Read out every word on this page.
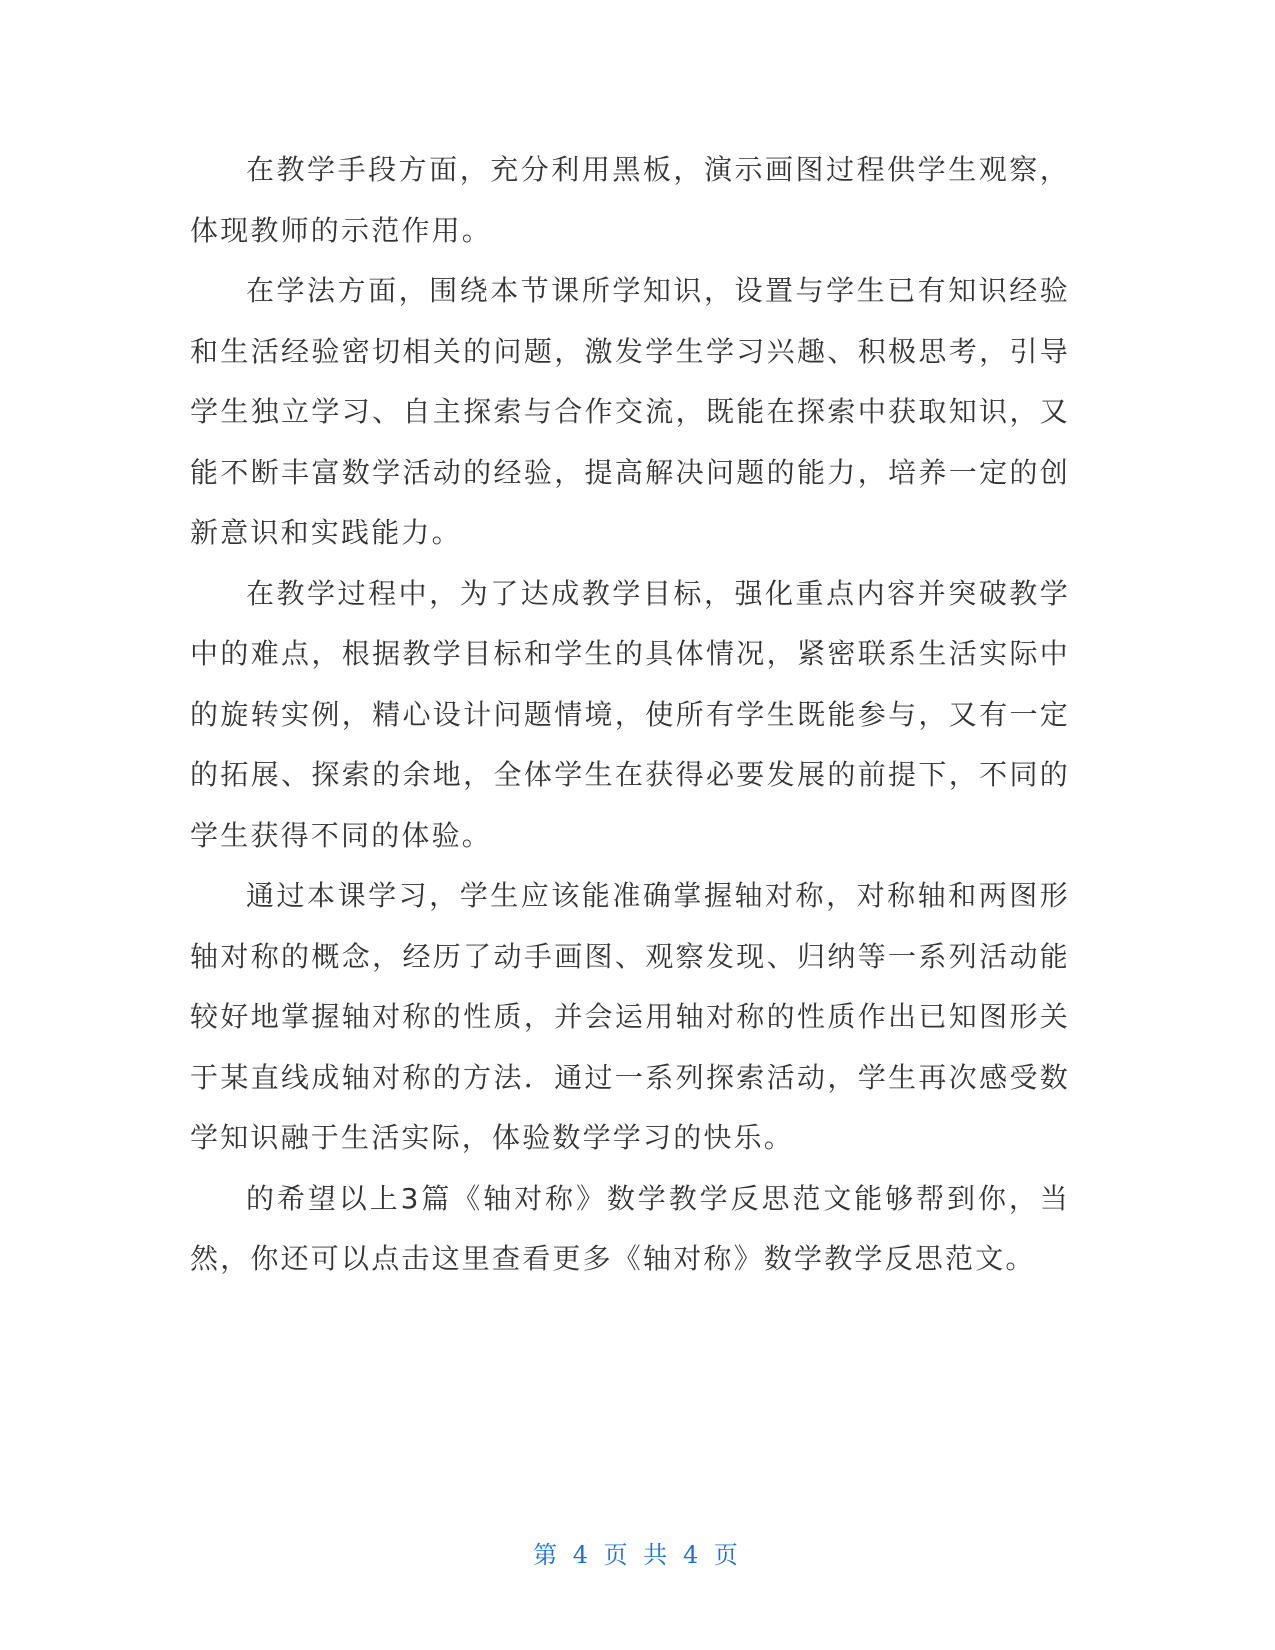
在教学手段方面，充分利用黑板，演示画图过程供学生观察，体现教师的示范作用。

在学法方面，围绕本节课所学知识，设置与学生已有知识经验和生活经验密切相关的问题，激发学生学习兴趣、积极思考，引导学生独立学习、自主探索与合作交流，既能在探索中获取知识，又能不断丰富数学活动的经验，提高解决问题的能力，培养一定的创新意识和实践能力。

在教学过程中，为了达成教学目标，强化重点内容并突破教学中的难点，根据教学目标和学生的具体情况，紧密联系生活实际中的旋转实例，精心设计问题情境，使所有学生既能参与，又有一定的拓展、探索的余地，全体学生在获得必要发展的前提下，不同的学生获得不同的体验。

通过本课学习，学生应该能准确掌握轴对称，对称轴和两图形轴对称的概念，经历了动手画图、观察发现、归纳等一系列活动能较好地掌握轴对称的性质，并会运用轴对称的性质作出已知图形关于某直线成轴对称的方法．通过一系列探索活动，学生再次感受数学知识融于生活实际，体验数学学习的快乐。

的希望以上3篇《轴对称》数学教学反思范文能够帮到你，当然，你还可以点击这里查看更多《轴对称》数学教学反思范文。

第 4 页 共 4 页
